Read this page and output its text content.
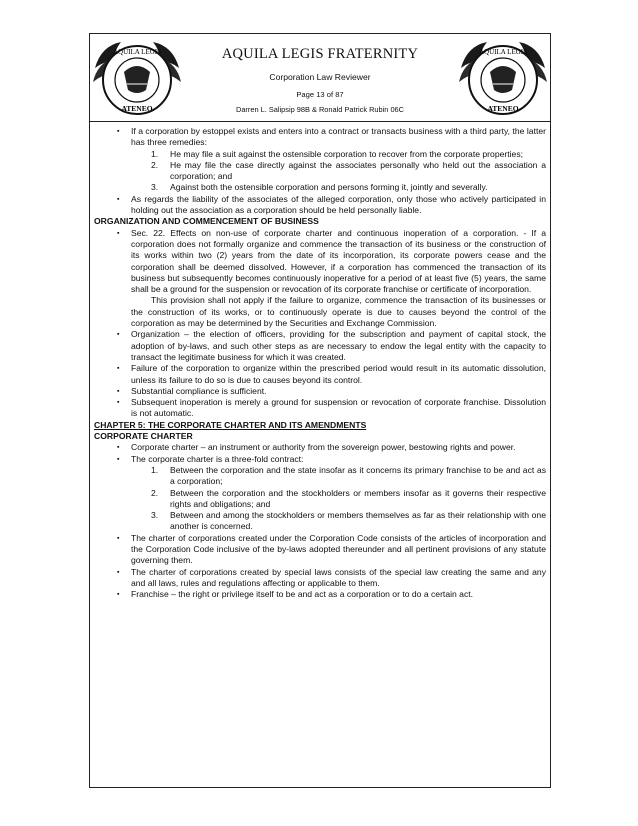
AQUILA LEGIS
ATENEO
AQUILA LEGIS FRATERNITY
Corporation Law Reviewer
Page 13 of 87
Darren L. Salipsip 98B & Ronald Patrick Rubin 06C
AQUILA LEGIS
ATENEO

▪ If a corporation by estoppel exists and enters into a contract or transacts business with a third party, the latter has three remedies:

1. He may file a suit against the ostensible corporation to recover from the corporate properties;

2. He may file the case directly against the associates personally who held out the association a corporation; and

3. Against both the ostensible corporation and persons forming it, jointly and severally.

▪ As regards the liability of the associates of the alleged corporation, only those who actively participated in holding out the association as a corporation should be held personally liable.

ORGANIZATION AND COMMENCEMENT OF BUSINESS

▪ Sec. 22. Effects on non-use of corporate charter and continuous inoperation of a corporation. - If a corporation does not formally organize and commence the transaction of its business or the construction of its works within two (2) years from the date of its incorporation, its corporate powers cease and the corporation shall be deemed dissolved. However, if a corporation has commenced the transaction of its business but subsequently becomes continuously inoperative for a period of at least five (5) years, the same shall be a ground for the suspension or revocation of its corporate franchise or certificate of incorporation.

This provision shall not apply if the failure to organize, commence the transaction of its businesses or the construction of its works, or to continuously operate is due to causes beyond the control of the corporation as may be determined by the Securities and Exchange Commission.

▪ Organization – the election of officers, providing for the subscription and payment of capital stock, the adoption of by-laws, and such other steps as are necessary to endow the legal entity with the capacity to transact the legitimate business for which it was created.

▪ Failure of the corporation to organize within the prescribed period would result in its automatic dissolution, unless its failure to do so is due to causes beyond its control.

▪ Substantial compliance is sufficient.

▪ Subsequent inoperation is merely a ground for suspension or revocation of corporate franchise. Dissolution is not automatic.

CHAPTER 5: THE CORPORATE CHARTER AND ITS AMENDMENTS

CORPORATE CHARTER

▪ Corporate charter – an instrument or authority from the sovereign power, bestowing rights and power.

▪ The corporate charter is a three-fold contract:

1. Between the corporation and the state insofar as it concerns its primary franchise to be and act as a corporation;

2. Between the corporation and the stockholders or members insofar as it governs their respective rights and obligations; and

3. Between and among the stockholders or members themselves as far as their relationship with one another is concerned.

▪ The charter of corporations created under the Corporation Code consists of the articles of incorporation and the Corporation Code inclusive of the by-laws adopted thereunder and all pertinent provisions of any statute governing them.

▪ The charter of corporations created by special laws consists of the special law creating the same and any and all laws, rules and regulations affecting or applicable to them.

▪ Franchise – the right or privilege itself to be and act as a corporation or to do a certain act.
